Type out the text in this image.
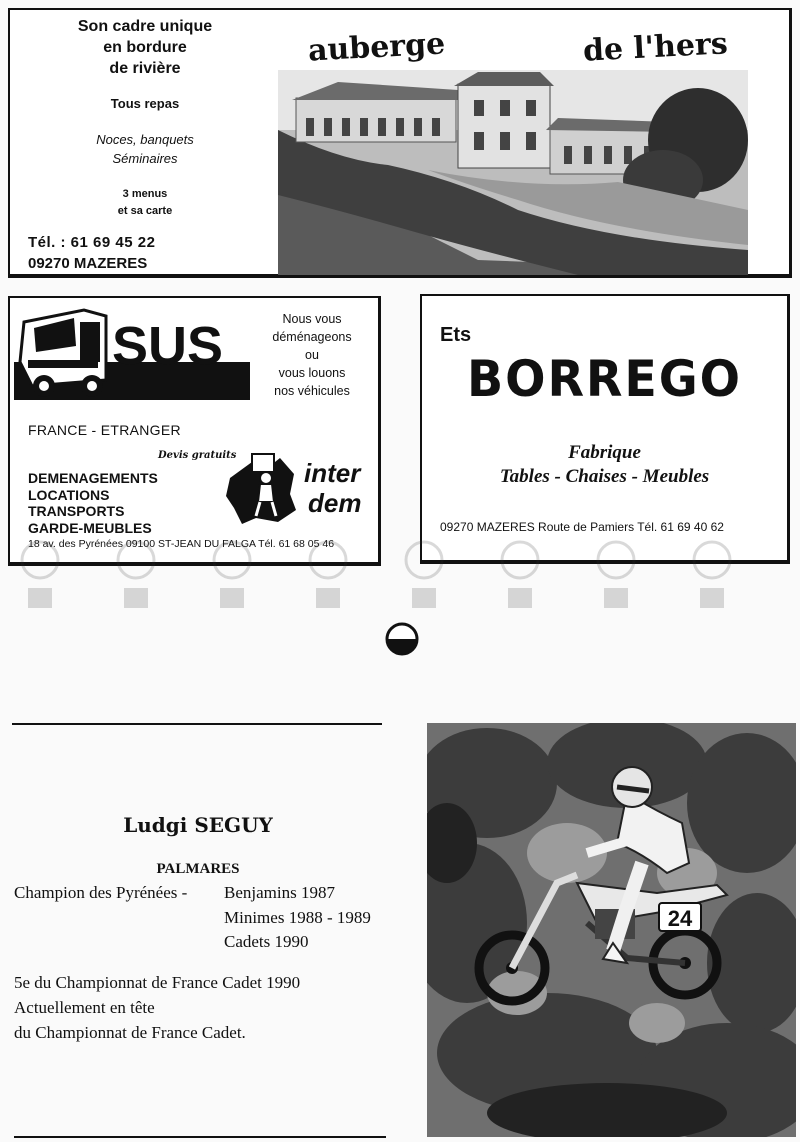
Son cadre unique
en bordure
de rivière
Tous repas
Noces, banquets
Séminaires
3 menus
et sa carte
Tél. : 61 69 45 22
09270 MAZERES
auberge	de l'hers
SUS	Nous vous
déménageons
ou
vous louons
nos véhicules
FRANCE - ETRANGER
Devis gratuits
DEMENAGEMENTS
LOCATIONS
TRANSPORTS
GARDE-MEUBLES
inter
dem
18 av. des Pyrénées 09100 ST-JEAN DU FALGA Tél. 61 68 05 46
Ets
BORREGO
Fabrique
Tables - Chaises - Meubles
09270 MAZERES Route de Pamiers Tél. 61 69 40 62
Ludgi SEGUY
PALMARES
Champion des Pyrénées - Benjamins 1987
Minimes 1988 - 1989
Cadets 1990
5e du Championnat de France Cadet 1990
Actuellement en tête
du Championnat de France Cadet.
24
